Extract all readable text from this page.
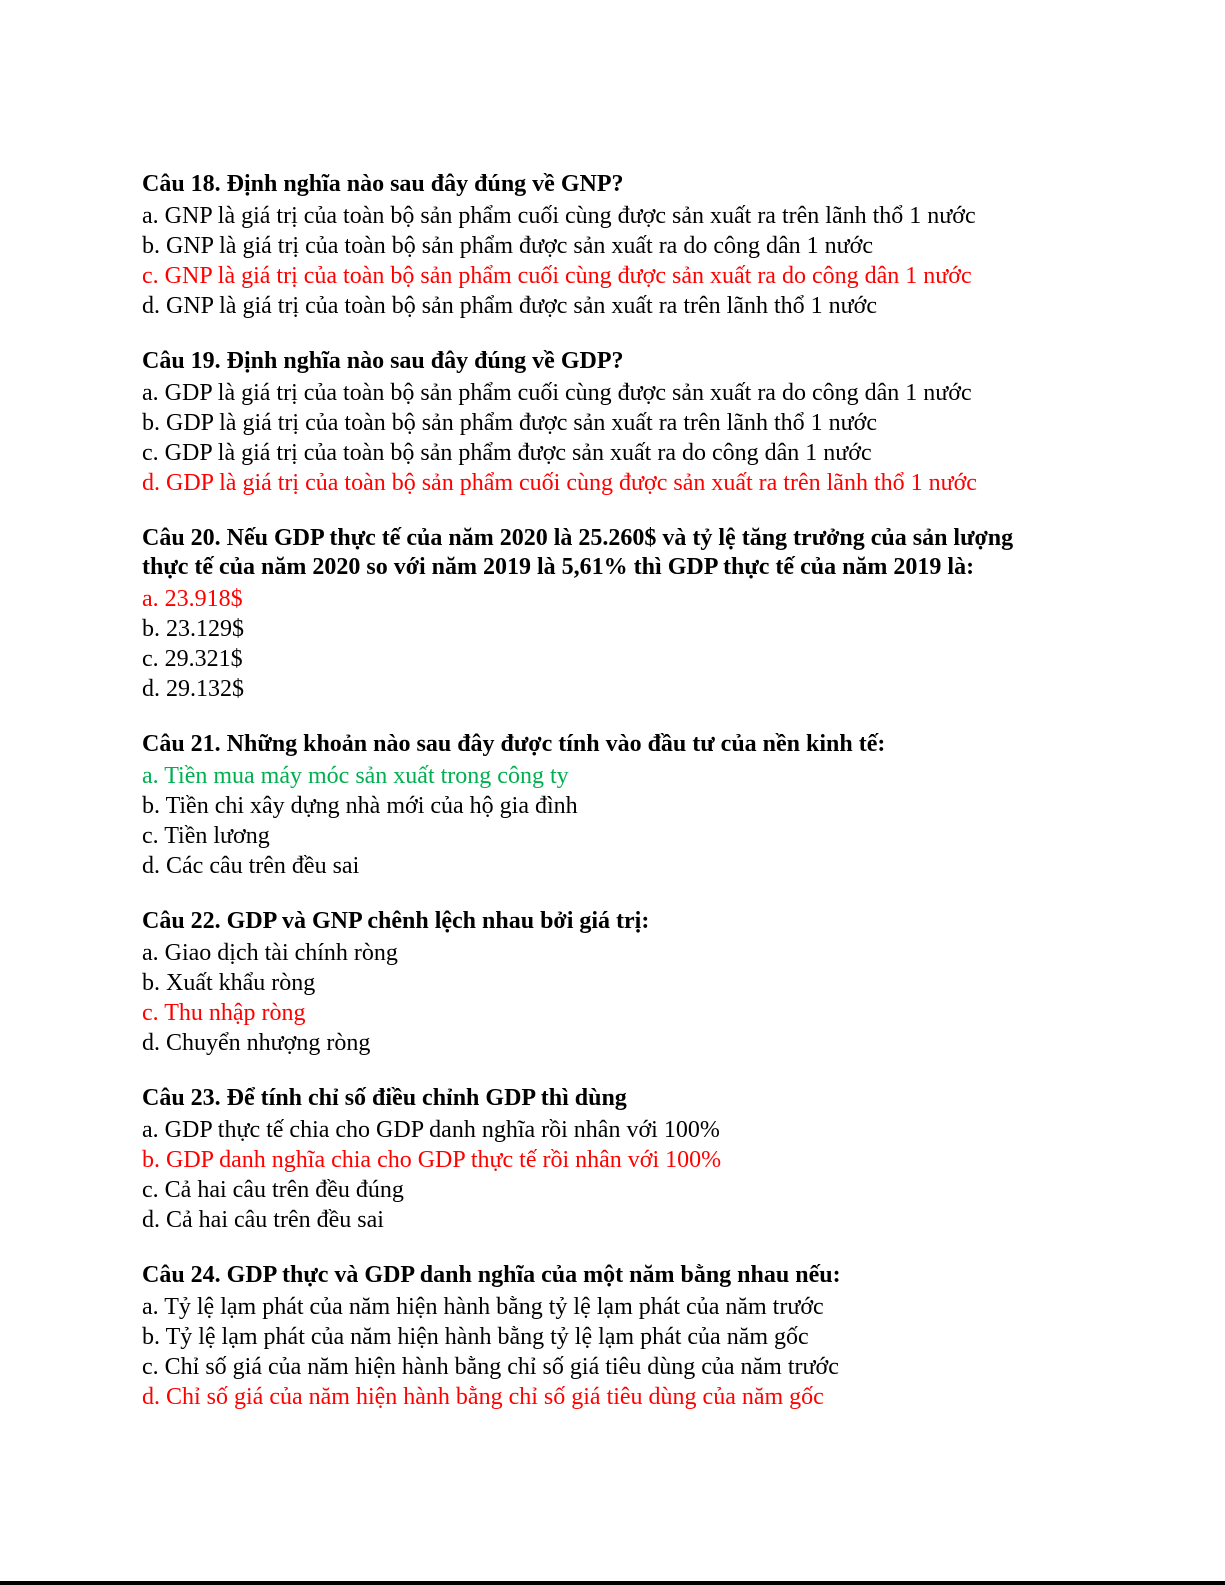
Câu 18. Định nghĩa nào sau đây đúng về GNP?
a. GNP là giá trị của toàn bộ sản phẩm cuối cùng được sản xuất ra trên lãnh thổ 1 nước
b. GNP là giá trị của toàn bộ sản phẩm được sản xuất ra do công dân 1 nước
c. GNP là giá trị của toàn bộ sản phẩm cuối cùng được sản xuất ra do công dân 1 nước
d. GNP là giá trị của toàn bộ sản phẩm được sản xuất ra trên lãnh thổ 1 nước
Câu 19. Định nghĩa nào sau đây đúng về GDP?
a. GDP là giá trị của toàn bộ sản phẩm cuối cùng được sản xuất ra do công dân 1 nước
b. GDP là giá trị của toàn bộ sản phẩm được sản xuất ra trên lãnh thổ 1 nước
c. GDP là giá trị của toàn bộ sản phẩm được sản xuất ra do công dân 1 nước
d. GDP là giá trị của toàn bộ sản phẩm cuối cùng được sản xuất ra trên lãnh thổ 1 nước
Câu 20. Nếu GDP thực tế của năm 2020 là 25.260$ và tỷ lệ tăng trưởng của sản lượng thực tế của năm 2020 so với năm 2019 là 5,61% thì GDP thực tế của năm 2019 là:
a. 23.918$
b. 23.129$
c. 29.321$
d. 29.132$
Câu 21. Những khoản nào sau đây được tính vào đầu tư của nền kinh tế:
a. Tiền mua máy móc sản xuất trong công ty
b. Tiền chi xây dựng nhà mới của hộ gia đình
c. Tiền lương
d. Các câu trên đều sai
Câu 22. GDP và GNP chênh lệch nhau bởi giá trị:
a. Giao dịch tài chính ròng
b. Xuất khẩu ròng
c. Thu nhập ròng
d. Chuyển nhượng ròng
Câu 23. Để tính chỉ số điều chỉnh GDP thì dùng
a. GDP thực tế chia cho GDP danh nghĩa rồi nhân với 100%
b. GDP danh nghĩa chia cho GDP thực tế rồi nhân với 100%
c. Cả hai câu trên đều đúng
d. Cả hai câu trên đều sai
Câu 24. GDP thực và GDP danh nghĩa của một năm bằng nhau nếu:
a. Tỷ lệ lạm phát của năm hiện hành bằng tỷ lệ lạm phát của năm trước
b. Tỷ lệ lạm phát của năm hiện hành bằng tỷ lệ lạm phát của năm gốc
c. Chỉ số giá của năm hiện hành bằng chỉ số giá tiêu dùng của năm trước
d. Chỉ số giá của năm hiện hành bằng chỉ số giá tiêu dùng của năm gốc
